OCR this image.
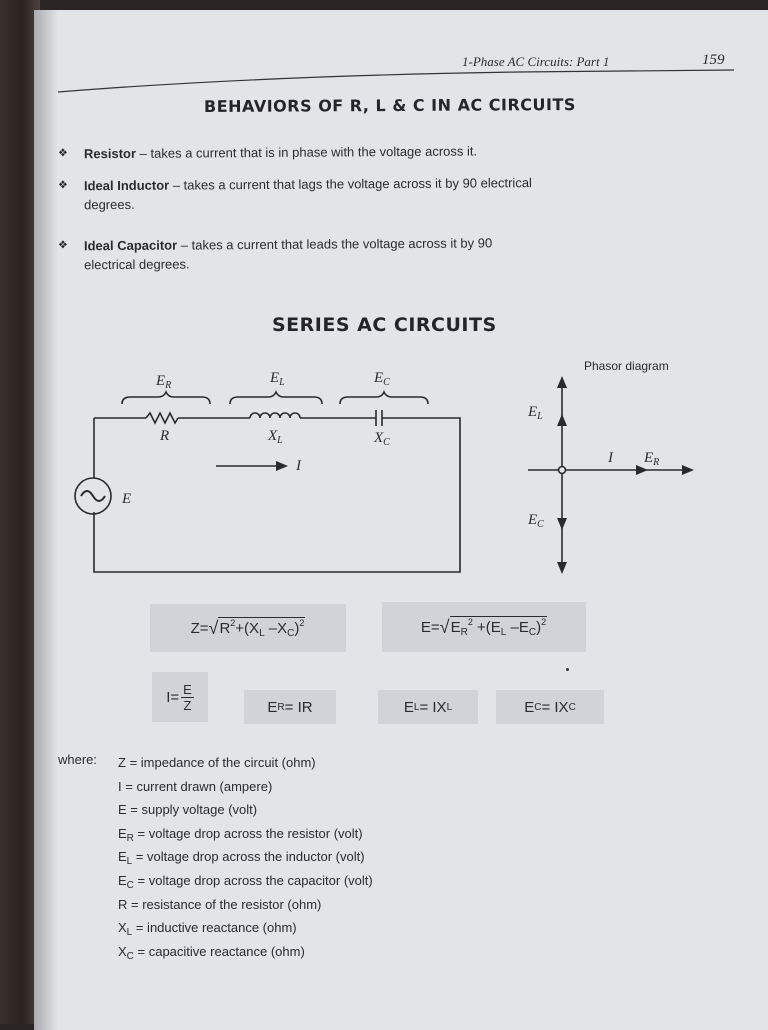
1-Phase AC Circuits: Part 1	159
BEHAVIORS OF R, L & C IN AC CIRCUITS
❖ Resistor – takes a current that is in phase with the voltage across it.
❖ Ideal Inductor – takes a current that lags the voltage across it by 90 electrical
degrees.
❖ Ideal Capacitor – takes a current that leads the voltage across it by 90
electrical degrees.
SERIES AC CIRCUITS
$E_R$	$E_L$	$E_C$
R	$X_L$	$X_C$
I
E
Phasor diagram
$E_L$
$E_C$
I $E_R$
Z = √ $R^2+(X_L$ $-X_C)^2$	E = √ $E_R^2 +(E_L$ $-E_C)^2$
$I = \frac{E}{Z}$	E R = IR	E L = IX L	E C = IX C
where: Z = impedance of the circuit (ohm)
I = current drawn (ampere)
E = supply voltage (volt)
$E_R$ = voltage drop across the resistor (volt)
$E_L$ = voltage drop across the inductor (volt)
$E_C$ = voltage drop across the capacitor (volt)
R = resistance of the resistor (ohm)
$X_L$ = inductive reactance (ohm)
$X_C$ = capacitive reactance (ohm)
